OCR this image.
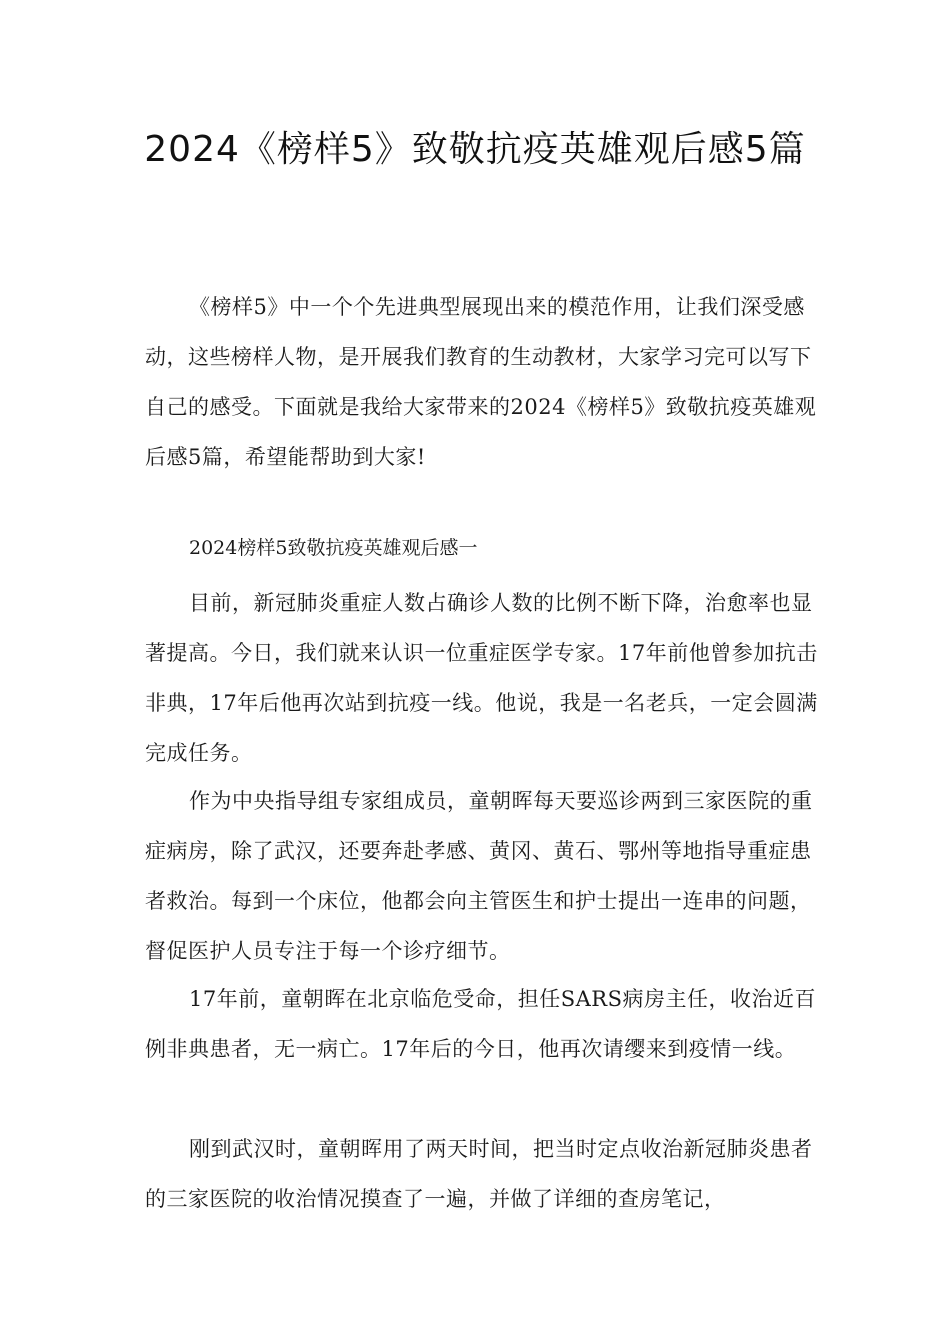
2024《榜样5》致敬抗疫英雄观后感5篇

《榜样5》中一个个先进典型展现出来的模范作用，让我们深受感动，这些榜样人物，是开展我们教育的生动教材，大家学习完可以写下自己的感受。下面就是我给大家带来的2024《榜样5》致敬抗疫英雄观后感5篇，希望能帮助到大家!

2024榜样5致敬抗疫英雄观后感一

目前，新冠肺炎重症人数占确诊人数的比例不断下降，治愈率也显著提高。今日，我们就来认识一位重症医学专家。17年前他曾参加抗击非典，17年后他再次站到抗疫一线。他说，我是一名老兵，一定会圆满完成任务。

作为中央指导组专家组成员，童朝晖每天要巡诊两到三家医院的重症病房，除了武汉，还要奔赴孝感、黄冈、黄石、鄂州等地指导重症患者救治。每到一个床位，他都会向主管医生和护士提出一连串的问题，督促医护人员专注于每一个诊疗细节。

17年前，童朝晖在北京临危受命，担任SARS病房主任，收治近百例非典患者，无一病亡。17年后的今日，他再次请缨来到疫情一线。

刚到武汉时，童朝晖用了两天时间，把当时定点收治新冠肺炎患者的三家医院的收治情况摸查了一遍，并做了详细的查房笔记，
